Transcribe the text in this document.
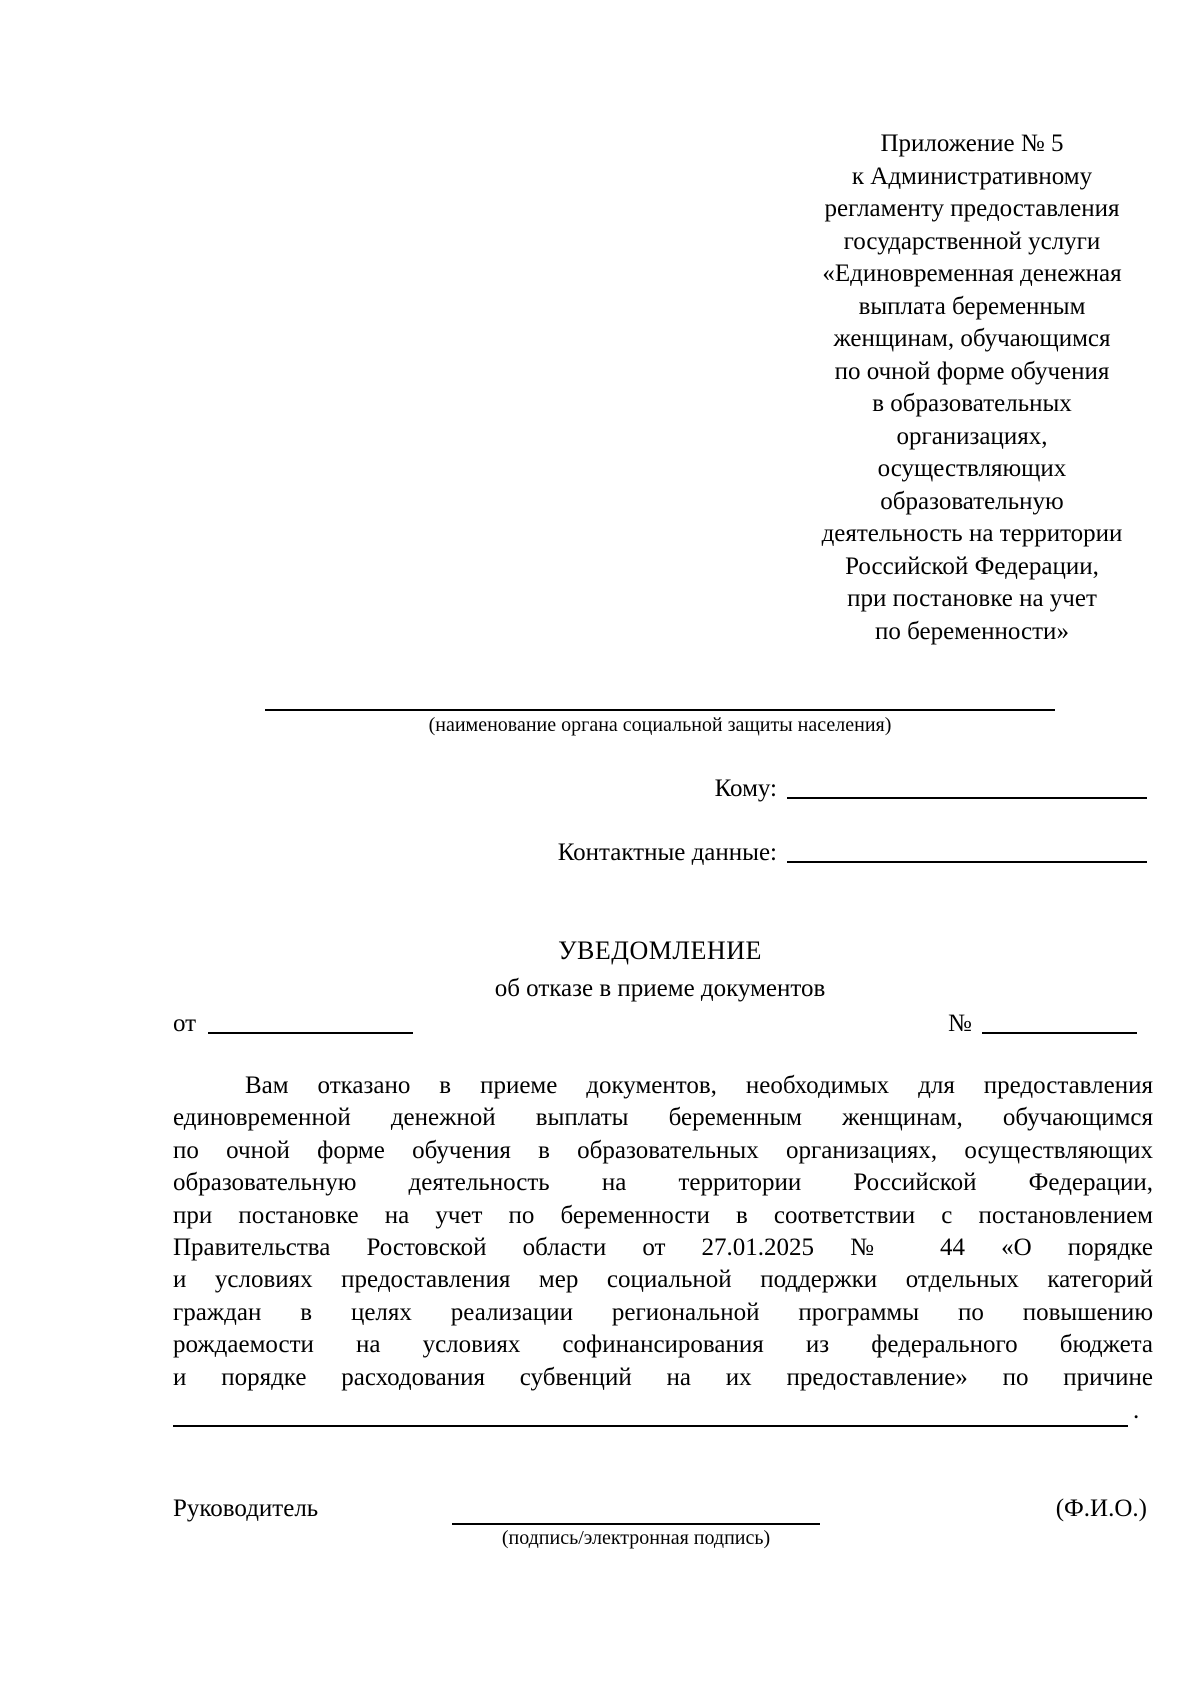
Приложение № 5
к Административному
регламенту предоставления
государственной услуги
«Единовременная денежная
выплата беременным
женщинам, обучающимся
по очной форме обучения
в образовательных
организациях,
осуществляющих
образовательную
деятельность на территории
Российской Федерации,
при постановке на учет
по беременности»
(наименование органа социальной защиты населения)
Кому:
Контактные данные:
УВЕДОМЛЕНИЕ
об отказе в приеме документов
от	№
Вам отказано в приеме документов, необходимых для предоставления
единовременной денежной выплаты беременным женщинам, обучающимся
по очной форме обучения в образовательных организациях, осуществляющих
образовательную деятельность на территории Российской Федерации,
при постановке на учет по беременности в соответствии с постановлением
Правительства Ростовской области от 27.01.2025 № 44 «О порядке
и условиях предоставления мер социальной поддержки отдельных категорий
граждан в целях реализации региональной программы по повышению
рождаемости на условиях софинансирования из федерального бюджета
и порядке расходования субвенций на их предоставление» по причине
.
Руководитель
(подпись/электронная подпись)
(Ф.И.О.)
